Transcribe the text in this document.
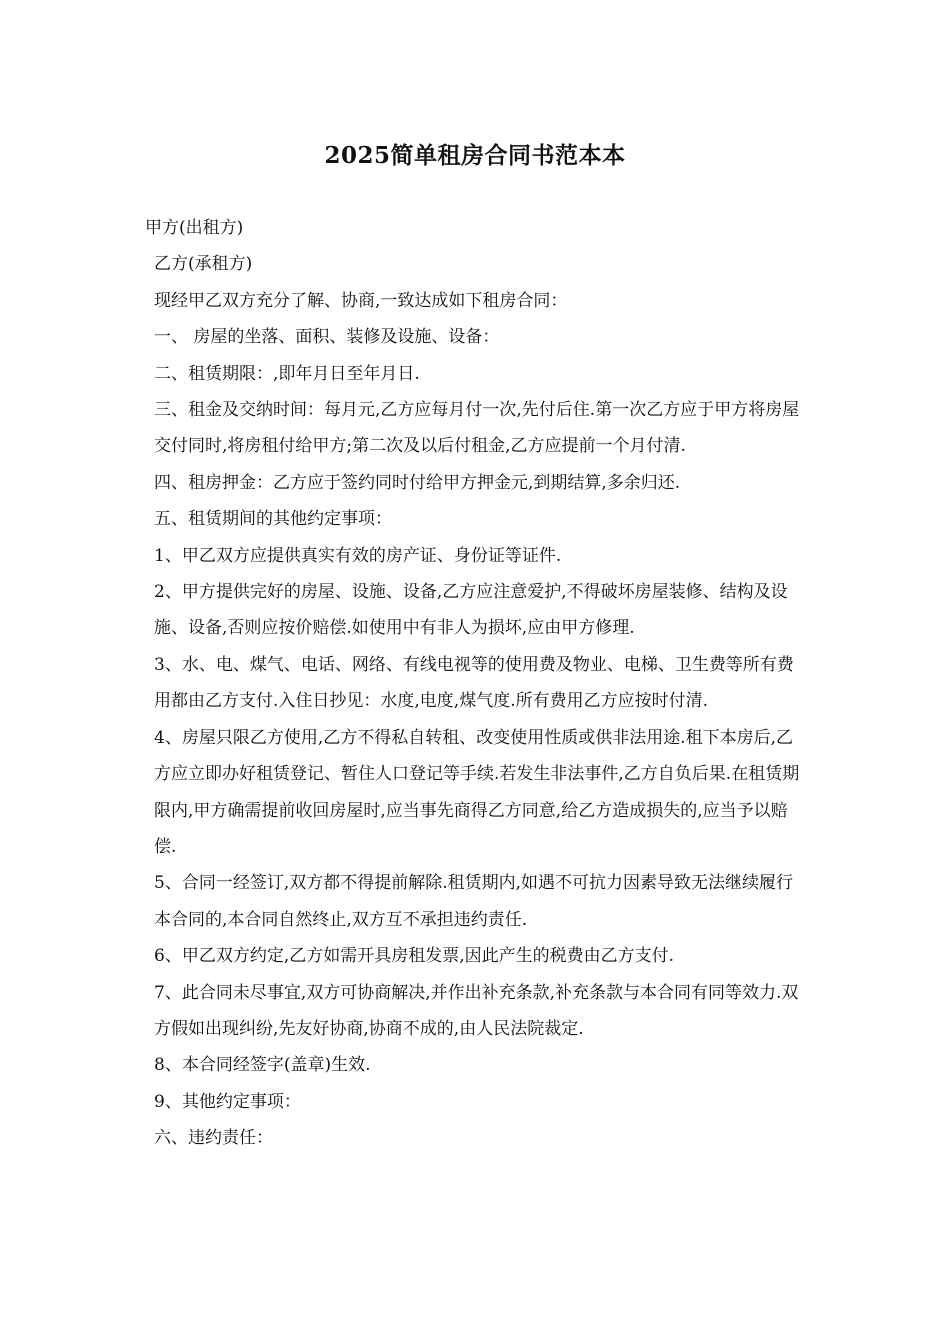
2025简单租房合同书范本本

甲方(出租方)

乙方(承租方)

现经甲乙双方充分了解、协商,一致达成如下租房合同：

一、 房屋的坐落、面积、装修及设施、设备：

二、租赁期限：,即年月日至年月日.

三、租金及交纳时间：每月元,乙方应每月付一次,先付后住.第一次乙方应于甲方将房屋交付同时,将房租付给甲方;第二次及以后付租金,乙方应提前一个月付清.

四、租房押金：乙方应于签约同时付给甲方押金元,到期结算,多余归还.

五、租赁期间的其他约定事项：

1、甲乙双方应提供真实有效的房产证、身份证等证件.

2、甲方提供完好的房屋、设施、设备,乙方应注意爱护,不得破坏房屋装修、结构及设施、设备,否则应按价赔偿.如使用中有非人为损坏,应由甲方修理.

3、水、电、煤气、电话、网络、有线电视等的使用费及物业、电梯、卫生费等所有费用都由乙方支付.入住日抄见：水度,电度,煤气度.所有费用乙方应按时付清.

4、房屋只限乙方使用,乙方不得私自转租、改变使用性质或供非法用途.租下本房后,乙方应立即办好租赁登记、暂住人口登记等手续.若发生非法事件,乙方自负后果.在租赁期限内,甲方确需提前收回房屋时,应当事先商得乙方同意,给乙方造成损失的,应当予以赔偿.

5、合同一经签订,双方都不得提前解除.租赁期内,如遇不可抗力因素导致无法继续履行本合同的,本合同自然终止,双方互不承担违约责任.

6、甲乙双方约定,乙方如需开具房租发票,因此产生的税费由乙方支付.

7、此合同未尽事宜,双方可协商解决,并作出补充条款,补充条款与本合同有同等效力.双方假如出现纠纷,先友好协商,协商不成的,由人民法院裁定.

8、本合同经签字(盖章)生效.

9、其他约定事项：

六、违约责任：
